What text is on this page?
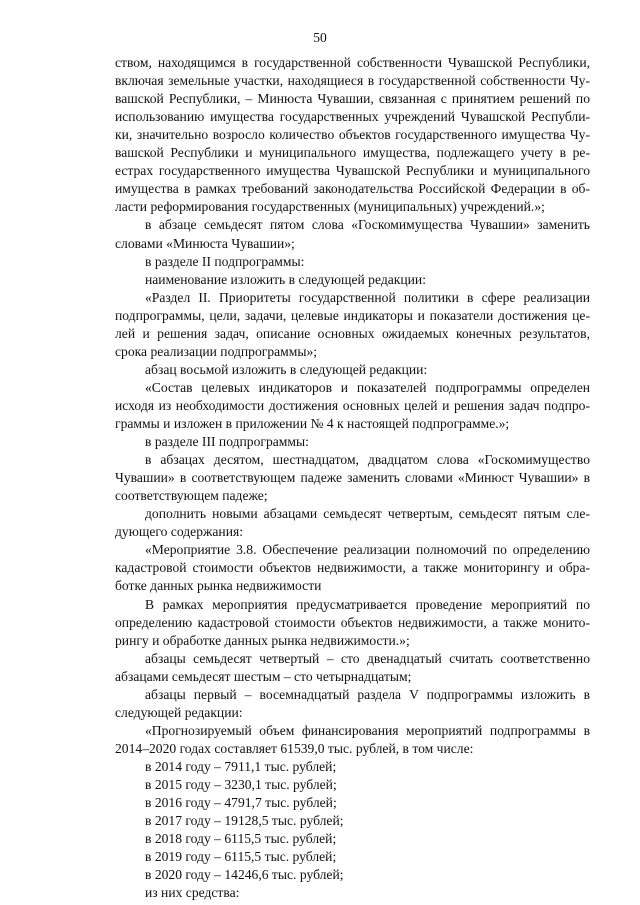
50
ством, находящимся в государственной собственности Чувашской Республики,
включая земельные участки, находящиеся в государственной собственности Чу-
вашской Республики, – Минюста Чувашии, связанная с принятием решений по
использованию имущества государственных учреждений Чувашской Республи-
ки, значительно возросло количество объектов государственного имущества Чу-
вашской Республики и муниципального имущества, подлежащего учету в ре-
естрах государственного имущества Чувашской Республики и муниципального
имущества в рамках требований законодательства Российской Федерации в об-
ласти реформирования государственных (муниципальных) учреждений.»;
в абзаце семьдесят пятом слова «Госкомимущества Чувашии» заменить
словами «Минюста Чувашии»;
в разделе II подпрограммы:
наименование изложить в следующей редакции:
«Раздел II. Приоритеты государственной политики в сфере реализации
подпрограммы, цели, задачи, целевые индикаторы и показатели достижения це-
лей и решения задач, описание основных ожидаемых конечных результатов,
срока реализации подпрограммы»;
абзац восьмой изложить в следующей редакции:
«Состав целевых индикаторов и показателей подпрограммы определен
исходя из необходимости достижения основных целей и решения задач подпро-
граммы и изложен в приложении № 4 к настоящей подпрограмме.»;
в разделе III подпрограммы:
в абзацах десятом, шестнадцатом, двадцатом слова «Госкомимущество
Чувашии» в соответствующем падеже заменить словами «Минюст Чувашии» в
соответствующем падеже;
дополнить новыми абзацами семьдесят четвертым, семьдесят пятым сле-
дующего содержания:
«Мероприятие 3.8. Обеспечение реализации полномочий по определению
кадастровой стоимости объектов недвижимости, а также мониторингу и обра-
ботке данных рынка недвижимости
В рамках мероприятия предусматривается проведение мероприятий по
определению кадастровой стоимости объектов недвижимости, а также монито-
рингу и обработке данных рынка недвижимости.»;
абзацы семьдесят четвертый – сто двенадцатый считать соответственно
абзацами семьдесят шестым – сто четырнадцатым;
абзацы первый – восемнадцатый раздела V подпрограммы изложить в
следующей редакции:
«Прогнозируемый объем финансирования мероприятий подпрограммы в
2014–2020 годах составляет 61539,0 тыс. рублей, в том числе:
в 2014 году – 7911,1 тыс. рублей;
в 2015 году – 3230,1 тыс. рублей;
в 2016 году – 4791,7 тыс. рублей;
в 2017 году – 19128,5 тыс. рублей;
в 2018 году – 6115,5 тыс. рублей;
в 2019 году – 6115,5 тыс. рублей;
в 2020 году – 14246,6 тыс. рублей;
из них средства:
